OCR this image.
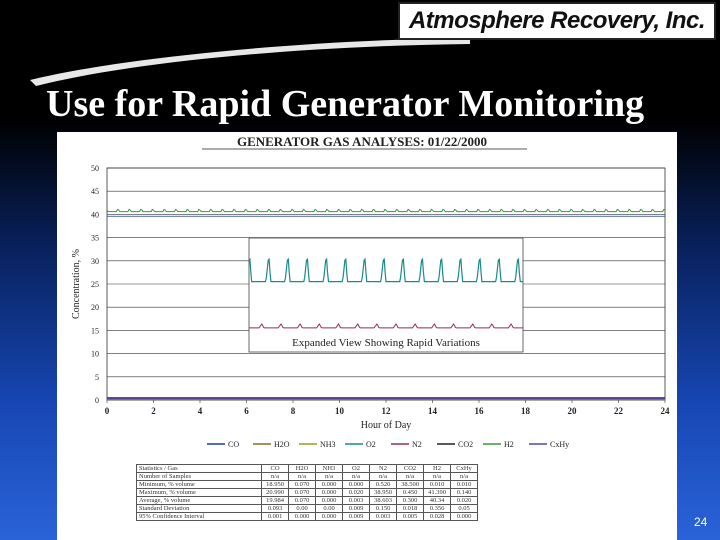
Atmosphere Recovery, Inc.
Use for Rapid Generator Monitoring
GENERATOR GAS ANALYSES: 01/22/2000
0
5
10
15
20
25
30
35
40
45
50
0	2	4	6	8	10	12	14	16	18	20	22	24
Expanded View Showing Rapid Variations
Concentration, %
Hour of Day
CO	H2O	NH3	O2	N2	CO2	H2	CxHy
Statistics / Gas	CO	H2O	NH3	O2	N2	CO2	H2	CxHy
Number of Samples	n/a	n/a	n/a	n/a	n/a	n/a	n/a	n/a
Minimum, % volume	18.950	0.070	0.000	0.000	0.520	38.500	0.010	0.010
Maximum, % volume	20.990	0.070	0.000	0.020	38.950	0.450	41.390	0.140
Average, % volume	19.984	0.070	0.000	0.003	38.603	0.300	40.34	0.020
Standard Deviation	0.093	0.00	0.00	0.009	0.150	0.018	0.356	0.05
95% Confidence Interval	0.001	0.000	0.000	0.009	0.003	0.005	0.028	0.000	24
